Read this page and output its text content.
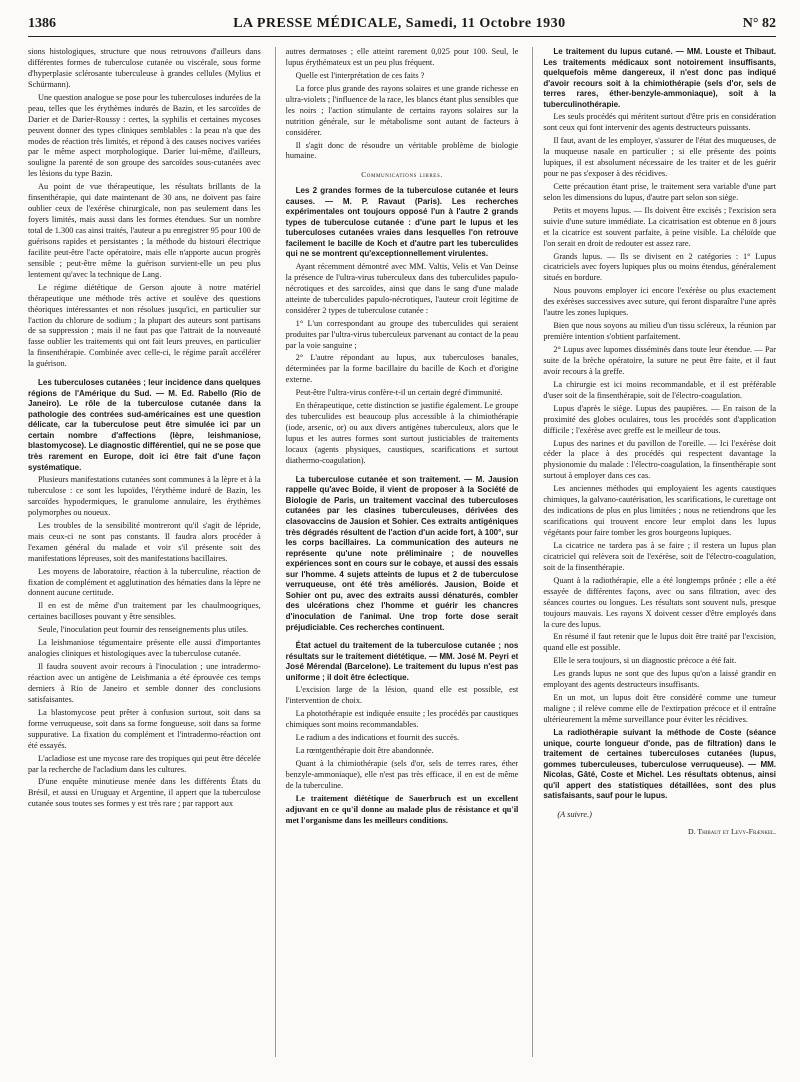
1386	LA PRESSE MÉDICALE, Samedi, 11 Octobre 1930	N° 82

sions histologiques, structure que nous retrouvons d'ailleurs dans différentes formes de tuberculose cutanée ou viscérale, sous forme d'hyperplasie sclérosante tuberculeuse à grandes cellules (Mylius et Schürmann).

Une question analogue se pose pour les tuberculoses indurées de la peau, telles que les érythèmes indurés de Bazin, et les sarcoïdes de Darier et de Darier-Roussy : certes, la syphilis et certaines mycoses peuvent donner des types cliniques semblables : la peau n'a que des modes de réaction très limités, et répond à des causes nocives variées par le même aspect morphologique. Darier lui-même, d'ailleurs, souligne la parenté de son groupe des sarcoïdes sous-cutanées avec les lésions du type Bazin.

Au point de vue thérapeutique, les résultats brillants de la finsenthérapie, qui date maintenant de 30 ans, ne doivent pas faire oublier ceux de l'exérèse chirurgicale, non pas seulement dans les foyers limités, mais aussi dans les formes étendues. Sur un nombre total de 1.300 cas ainsi traités, l'auteur a pu enregistrer 95 pour 100 de guérisons rapides et persistantes ; la méthode du bistouri électrique facilite peut-être l'acte opératoire, mais elle n'apporte aucun progrès sensible ; peut-être même la guérison survient-elle un peu plus lentement qu'avec la technique de Lang.

Le régime diététique de Gerson ajoute à notre matériel thérapeutique une méthode très active et soulève des questions théoriques intéressantes et non résolues jusqu'ici, en particulier sur l'action du chlorure de sodium ; la plupart des auteurs sont partisans de sa suppression ; mais il ne faut pas que l'attrait de la nouveauté fasse oublier les traitements qui ont fait leurs preuves, en particulier la finsenthérapie. Combinée avec celle-ci, le régime paraît accélérer la guérison.

Les tuberculoses cutanées ; leur incidence dans quelques régions de l'Amérique du Sud. — M. Ed. Rabello (Rio de Janeiro). Le rôle de la tuberculose cutanée dans la pathologie des contrées sud-américaines est une question délicate, car la tuberculose peut être simulée ici par un certain nombre d'affections (lèpre, leishmaniose, blastomycose). Le diagnostic différentiel, qui ne se pose que très rarement en Europe, doit ici être fait d'une façon systématique.

Plusieurs manifestations cutanées sont communes à la lèpre et à la tuberculose : ce sont les lupoïdes, l'érythème induré de Bazin, les sarcoïdes hypodermiques, le granulome annulaire, les érythèmes polymorphes ou noueux.

Les troubles de la sensibilité montreront qu'il s'agit de lépride, mais ceux-ci ne sont pas constants. Il faudra alors procéder à l'examen général du malade et voir s'il présente soit des manifestations lépreuses, soit des manifestations bacillaires.

Les moyens de laboratoire, réaction à la tuberculine, réaction de fixation de complément et agglutination des hématies dans la lèpre ne donnent aucune certitude.

Il en est de même d'un traitement par les chaulmoogriques, certaines bacilloses pouvant y être sensibles.

Seule, l'inoculation peut fournir des renseignements plus utiles.

La leishmaniose tégumentaire présente elle aussi d'importantes analogies cliniques et histologiques avec la tuberculose cutanée.

Il faudra souvent avoir recours à l'inoculation ; une intradermo-réaction avec un antigène de Leishmania a été éprouvée ces temps derniers à Rio de Janeiro et semble donner des conclusions satisfaisantes.

La blastomycose peut prêter à confusion surtout, soit dans sa forme verruqueuse, soit dans sa forme fongueuse, soit dans sa forme suppurative. La fixation du complément et l'intradermo-réaction ont été essayés.

L'acladiose est une mycose rare des tropiques qui peut être décelée par la recherche de l'acladium dans les cultures.

D'une enquête minutieuse menée dans les différents États du Brésil, et aussi en Uruguay et Argentine, il appert que la tuberculose cutanée sous toutes ses formes y est très rare ; par rapport aux

autres dermatoses ; elle atteint rarement 0,025 pour 100. Seul, le lupus érythémateux est un peu plus fréquent.

Quelle est l'interprétation de ces faits ?

La force plus grande des rayons solaires et une grande richesse en ultra-violets ; l'influence de la race, les blancs étant plus sensibles que les noirs ; l'action stimulante de certains rayons solaires sur la nutrition générale, sur le métabolisme sont autant de facteurs à considérer.

Il s'agit donc de résoudre un véritable problème de biologie humaine.

Communications libres.

Les 2 grandes formes de la tuberculose cutanée et leurs causes. — M. P. Ravaut (Paris). Les recherches expérimentales ont toujours opposé l'un à l'autre 2 grands types de tuberculose cutanée : d'une part le lupus et les tuberculoses cutanées vraies dans lesquelles l'on retrouve facilement le bacille de Koch et d'autre part les tuberculides qui ne se montrent qu'exceptionnellement virulentes.

Ayant récemment démontré avec MM. Valtis, Velis et Van Deinse la présence de l'ultra-virus tuberculeux dans des tuberculides papulo-nécrotiques et des sarcoïdes, ainsi que dans le sang d'une malade atteinte de tuberculides papulo-nécrotiques, l'auteur croit légitime de considérer 2 types de tuberculose cutanée :

1° L'un correspondant au groupe des tuberculides qui seraient produites par l'ultra-virus tuberculeux parvenant au contact de la peau par la voie sanguine ;

2° L'autre répondant au lupus, aux tuberculoses banales, déterminées par la forme bacillaire du bacille de Koch et d'origine externe.

Peut-être l'ultra-virus confère-t-il un certain degré d'immunité.

En thérapeutique, cette distinction se justifie également. Le groupe des tuberculides est beaucoup plus accessible à la chimiothérapie (iode, arsenic, or) ou aux divers antigènes tuberculeux, alors que le lupus et les autres formes sont surtout justiciables de traitements locaux (agents physiques, caustiques, scarifications et surtout diathermo-coagulation).

La tuberculose cutanée et son traitement. — M. Jausion rappelle qu'avec Boide, il vient de proposer à la Société de Biologie de Paris, un traitement vaccinal des tuberculoses cutanées par les clasines tuberculeuses, dérivées des clasovaccins de Jausion et Sohier. Ces extraits antigéniques très dégradés résultent de l'action d'un acide fort, à 100°, sur les corps bacillaires. La communication des auteurs ne représente qu'une note préliminaire ; de nouvelles expériences sont en cours sur le cobaye, et aussi des essais sur l'homme. 4 sujets atteints de lupus et 2 de tuberculose verruqueuse, ont été très améliorés. Jausion, Boide et Sohier ont pu, avec des extraits aussi dénaturés, combler des ulcérations chez l'homme et guérir les chancres d'inoculation de l'animal. Une trop forte dose serait préjudiciable. Ces recherches continuent.

État actuel du traitement de la tuberculose cutanée ; nos résultats sur le traitement diététique. — MM. José M. Peyri et José Mérendal (Barcelone). Le traitement du lupus n'est pas uniforme ; il doit être éclectique.

L'excision large de la lésion, quand elle est possible, est l'intervention de choix.

La photothérapie est indiquée ensuite ; les procédés par caustiques chimiques sont moins recommandables.

Le radium a des indications et fournit des succès.

La rœntgenthérapie doit être abandonnée.

Quant à la chimiothérapie (sels d'or, sels de terres rares, éther benzyle-ammoniaque), elle n'est pas très efficace, il en est de même de la tuberculine.

Le traitement diététique de Sauerbruch est un excellent adjuvant en ce qu'il donne au malade plus de résistance et qu'il met l'organisme dans les meilleurs conditions.

Le traitement du lupus cutané. — MM. Louste et Thibaut. Les traitements médicaux sont notoirement insuffisants, quelquefois même dangereux, il n'est donc pas indiqué d'avoir recours soit à la chimiothérapie (sels d'or, sels de terres rares, éther-benzyle-ammoniaque), soit à la tuberculinothérapie.

Les seuls procédés qui méritent surtout d'être pris en considération sont ceux qui font intervenir des agents destructeurs puissants.

Il faut, avant de les employer, s'assurer de l'état des muqueuses, de la muqueuse nasale en particulier ; si elle présente des points lupiques, il est absolument nécessaire de les traiter et de les guérir pour ne pas s'exposer à des récidives.

Cette précaution étant prise, le traitement sera variable d'une part selon les dimensions du lupus, d'autre part selon son siège.

Petits et moyens lupus. — Ils doivent être excisés ; l'excision sera suivie d'une suture immédiate. La cicatrisation est obtenue en 8 jours et la cicatrice est souvent parfaite, à peine visible. La chéloïde que l'on serait en droit de redouter est assez rare.

Grands lupus. — Ils se divisent en 2 catégories : 1° Lupus cicatriciels avec foyers lupiques plus ou moins étendus, généralement situés en bordure.

Nous pouvons employer ici encore l'exérèse ou plus exactement des exérèses successives avec suture, qui feront disparaître l'une après l'autre les zones lupiques.

Bien que nous soyons au milieu d'un tissu scléreux, la réunion par première intention s'obtient parfaitement.

2° Lupus avec lupomes disséminés dans toute leur étendue. — Par suite de la brèche opératoire, la suture ne peut être faite, et il faut avoir recours à la greffe.

La chirurgie est ici moins recommandable, et il est préférable d'user soit de la finsenthérapie, soit de l'électro-coagulation.

Lupus d'après le siège. Lupus des paupières. — En raison de la proximité des globes oculaires, tous les procédés sont d'application difficile ; l'exérèse avec greffe est le meilleur de tous.

Lupus des narines et du pavillon de l'oreille. — Ici l'exérèse doit céder la place à des procédés qui respectent davantage la physionomie du malade : l'électro-coagulation, la finsenthérapie sont surtout à employer dans ces cas.

Les anciennes méthodes qui employaient les agents caustiques chimiques, la galvano-cautérisation, les scarifications, le curettage ont des indications de plus en plus limitées ; nous ne retiendrons que les scarifications qui trouvent encore leur emploi dans les lupus végétants pour faire tomber les gros bourgeons lupiques.

La cicatrice ne tardera pas à se faire ; il restera un lupus plan cicatriciel qui relèvera soit de l'exérèse, soit de l'électro-coagulation, soit de la finsenthérapie.

Quant à la radiothérapie, elle a été longtemps prônée ; elle a été essayée de différentes façons, avec ou sans filtration, avec des séances courtes ou longues. Les résultats sont souvent nuls, presque toujours mauvais. Les rayons X doivent cesser d'être employés dans la cure des lupus.

En résumé il faut retenir que le lupus doit être traité par l'excision, quand elle est possible.

Elle le sera toujours, si un diagnostic précoce a été fait.

Les grands lupus ne sont que des lupus qu'on a laissé grandir en employant des agents destructeurs insuffisants.

En un mot, un lupus doit être considéré comme une tumeur maligne ; il relève comme elle de l'extirpation précoce et il entraîne ultérieurement la même surveillance pour éviter les récidives.

La radiothérapie suivant la méthode de Coste (séance unique, courte longueur d'onde, pas de filtration) dans le traitement de certaines tuberculoses cutanées (lupus, gommes tuberculeuses, tuberculose verruqueuse). — MM. Nicolas, Gâté, Coste et Michel. Les résultats obtenus, ainsi qu'il appert des statistiques détaillées, sont des plus satisfaisants, sauf pour le lupus.

(A suivre.)

D. Thibaut et Levy-Frænkel.
